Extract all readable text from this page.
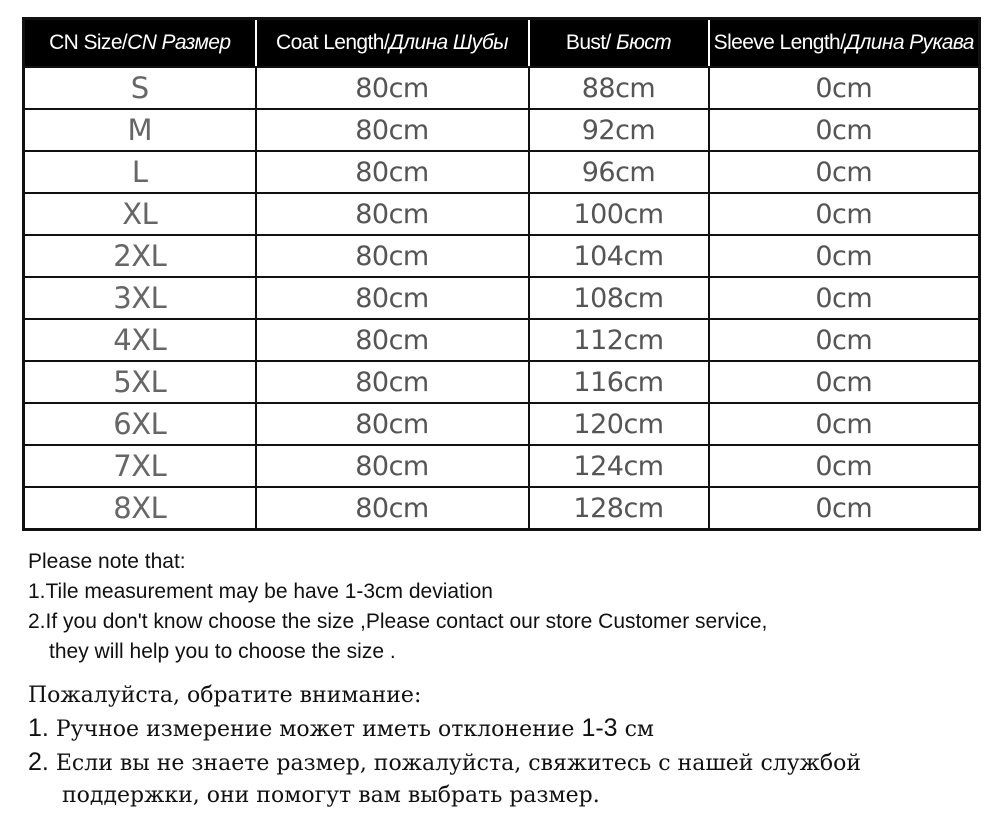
CN Size/CN Размер	Coat Length/Длина Шубы	Bust/ Бюст	Sleeve Length/Длина Рукава
S	80cm	88cm	0cm
M	80cm	92cm	0cm
L	80cm	96cm	0cm
XL	80cm	100cm	0cm
2XL	80cm	104cm	0cm
3XL	80cm	108cm	0cm
4XL	80cm	112cm	0cm
5XL	80cm	116cm	0cm
6XL	80cm	120cm	0cm
7XL	80cm	124cm	0cm
8XL	80cm	128cm	0cm
Please note that:
1.Tile measurement may be have 1-3cm deviation
2.If you don't know choose the size ,Please contact our store Customer service,
they will help you to choose the size .
Пожалуйста, обратите внимание:
1. Ручное измерение может иметь отклонение 1-3 см
2. Если вы не знаете размер, пожалуйста, свяжитесь с нашей службой
поддержки, они помогут вам выбрать размер.
